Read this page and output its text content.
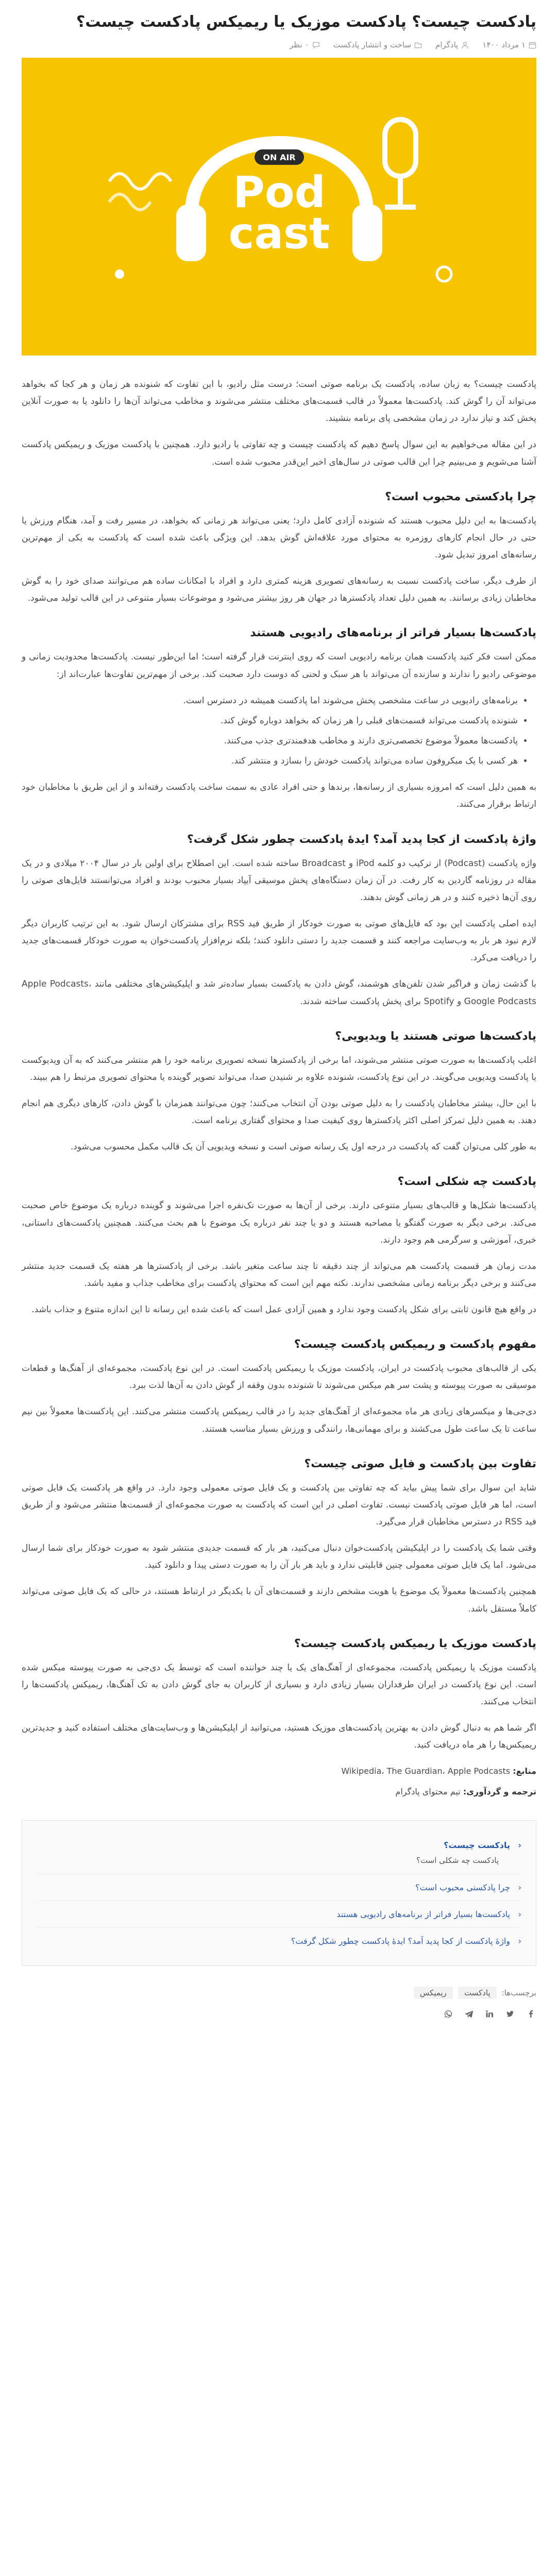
پادکست چیست؟ پادکست موزیک یا ریمیکس پادکست چیست؟
۱ مرداد ۱۴۰۰
پادگرام
ساخت و انتشار پادکست
۰ نظر
ON AIR
Pod
cast

پادکست چیست؟ به زبان ساده، پادکست یک برنامه صوتی است؛ درست مثل رادیو، با این تفاوت که شنونده هر زمان و هر کجا که بخواهد می‌تواند آن را گوش کند. پادکست‌ها معمولاً در قالب قسمت‌های مختلف منتشر می‌شوند و مخاطب می‌تواند آن‌ها را دانلود یا به صورت آنلاین پخش کند و نیاز ندارد در زمان مشخصی پای برنامه بنشیند.

در این مقاله می‌خواهیم به این سوال پاسخ دهیم که پادکست چیست و چه تفاوتی با رادیو دارد. همچنین با پادکست موزیک و ریمیکس پادکست آشنا می‌شویم و می‌بینیم چرا این قالب صوتی در سال‌های اخیر این‌قدر محبوب شده است.

چرا پادکستی محبوب است؟

پادکست‌ها به این دلیل محبوب هستند که شنونده آزادی کامل دارد؛ یعنی می‌تواند هر زمانی که بخواهد، در مسیر رفت و آمد، هنگام ورزش یا حتی در حال انجام کارهای روزمره به محتوای مورد علاقه‌اش گوش بدهد. این ویژگی باعث شده است که پادکست به یکی از مهم‌ترین رسانه‌های امروز تبدیل شود.

از طرف دیگر، ساخت پادکست نسبت به رسانه‌های تصویری هزینه کمتری دارد و افراد با امکانات ساده هم می‌توانند صدای خود را به گوش مخاطبان زیادی برسانند. به همین دلیل تعداد پادکسترها در جهان هر روز بیشتر می‌شود و موضوعات بسیار متنوعی در این قالب تولید می‌شود.

پادکست‌ها بسیار فراتر از برنامه‌های رادیویی هستند

ممکن است فکر کنید پادکست همان برنامه رادیویی است که روی اینترنت قرار گرفته است؛ اما این‌طور نیست. پادکست‌ها محدودیت زمانی و موضوعی رادیو را ندارند و سازنده آن می‌تواند با هر سبک و لحنی که دوست دارد صحبت کند. برخی از مهم‌ترین تفاوت‌ها عبارت‌اند از:

• برنامه‌های رادیویی در ساعت مشخصی پخش می‌شوند اما پادکست همیشه در دسترس است.
• شنونده پادکست می‌تواند قسمت‌های قبلی را هر زمان که بخواهد دوباره گوش کند.
• پادکست‌ها معمولاً موضوع تخصصی‌تری دارند و مخاطب هدفمندتری جذب می‌کنند.
• هر کسی با یک میکروفون ساده می‌تواند پادکست خودش را بسازد و منتشر کند.

به همین دلیل است که امروزه بسیاری از رسانه‌ها، برندها و حتی افراد عادی به سمت ساخت پادکست رفته‌اند و از این طریق با مخاطبان خود ارتباط برقرار می‌کنند.

واژهٔ پادکست از کجا پدید آمد؟ ایدهٔ پادکست چطور شکل گرفت؟

واژه پادکست (Podcast) از ترکیب دو کلمه iPod و Broadcast ساخته شده است. این اصطلاح برای اولین بار در سال ۲۰۰۴ میلادی و در یک مقاله در روزنامه گاردین به کار رفت. در آن زمان دستگاه‌های پخش موسیقی آیپاد بسیار محبوب بودند و افراد می‌توانستند فایل‌های صوتی را روی آن‌ها ذخیره کنند و در هر زمانی گوش بدهند.

ایده اصلی پادکست این بود که فایل‌های صوتی به صورت خودکار از طریق فید RSS برای مشترکان ارسال شود. به این ترتیب کاربران دیگر لازم نبود هر بار به وب‌سایت مراجعه کنند و قسمت جدید را دستی دانلود کنند؛ بلکه نرم‌افزار پادکست‌خوان به صورت خودکار قسمت‌های جدید را دریافت می‌کرد.

با گذشت زمان و فراگیر شدن تلفن‌های هوشمند، گوش دادن به پادکست بسیار ساده‌تر شد و اپلیکیشن‌های مختلفی مانند Apple Podcasts، Google Podcasts و Spotify برای پخش پادکست ساخته شدند.

پادکست‌ها صوتی هستند یا ویدیویی؟

اغلب پادکست‌ها به صورت صوتی منتشر می‌شوند، اما برخی از پادکسترها نسخه تصویری برنامه خود را هم منتشر می‌کنند که به آن ویدیوکست یا پادکست ویدیویی می‌گویند. در این نوع پادکست، شنونده علاوه بر شنیدن صدا، می‌تواند تصویر گوینده یا محتوای تصویری مرتبط را هم ببیند.

با این حال، بیشتر مخاطبان پادکست را به دلیل صوتی بودن آن انتخاب می‌کنند؛ چون می‌توانند همزمان با گوش دادن، کارهای دیگری هم انجام دهند. به همین دلیل تمرکز اصلی اکثر پادکسترها روی کیفیت صدا و محتوای گفتاری برنامه است.

به طور کلی می‌توان گفت که پادکست در درجه اول یک رسانه صوتی است و نسخه ویدیویی آن یک قالب مکمل محسوب می‌شود.

پادکست چه شکلی است؟

پادکست‌ها شکل‌ها و قالب‌های بسیار متنوعی دارند. برخی از آن‌ها به صورت تک‌نفره اجرا می‌شوند و گوینده درباره یک موضوع خاص صحبت می‌کند. برخی دیگر به صورت گفتگو یا مصاحبه هستند و دو یا چند نفر درباره یک موضوع با هم بحث می‌کنند. همچنین پادکست‌های داستانی، خبری، آموزشی و سرگرمی هم وجود دارند.

مدت زمان هر قسمت پادکست هم می‌تواند از چند دقیقه تا چند ساعت متغیر باشد. برخی از پادکسترها هر هفته یک قسمت جدید منتشر می‌کنند و برخی دیگر برنامه زمانی مشخصی ندارند. نکته مهم این است که محتوای پادکست برای مخاطب جذاب و مفید باشد.

در واقع هیچ قانون ثابتی برای شکل پادکست وجود ندارد و همین آزادی عمل است که باعث شده این رسانه تا این اندازه متنوع و جذاب باشد.

مفهوم پادکست و ریمیکس پادکست چیست؟

یکی از قالب‌های محبوب پادکست در ایران، پادکست موزیک یا ریمیکس پادکست است. در این نوع پادکست، مجموعه‌ای از آهنگ‌ها و قطعات موسیقی به صورت پیوسته و پشت سر هم میکس می‌شوند تا شنونده بدون وقفه از گوش دادن به آن‌ها لذت ببرد.

دی‌جی‌ها و میکسرهای زیادی هر ماه مجموعه‌ای از آهنگ‌های جدید را در قالب ریمیکس پادکست منتشر می‌کنند. این پادکست‌ها معمولاً بین نیم ساعت تا یک ساعت طول می‌کشند و برای مهمانی‌ها، رانندگی و ورزش بسیار مناسب هستند.

تفاوت بین پادکست و فایل صوتی چیست؟

شاید این سوال برای شما پیش بیاید که چه تفاوتی بین پادکست و یک فایل صوتی معمولی وجود دارد. در واقع هر پادکست یک فایل صوتی است، اما هر فایل صوتی پادکست نیست. تفاوت اصلی در این است که پادکست به صورت مجموعه‌ای از قسمت‌ها منتشر می‌شود و از طریق فید RSS در دسترس مخاطبان قرار می‌گیرد.

وقتی شما یک پادکست را در اپلیکیشن پادکست‌خوان دنبال می‌کنید، هر بار که قسمت جدیدی منتشر شود به صورت خودکار برای شما ارسال می‌شود. اما یک فایل صوتی معمولی چنین قابلیتی ندارد و باید هر بار آن را به صورت دستی پیدا و دانلود کنید.

همچنین پادکست‌ها معمولاً یک موضوع یا هویت مشخص دارند و قسمت‌های آن با یکدیگر در ارتباط هستند، در حالی که یک فایل صوتی می‌تواند کاملاً مستقل باشد.

پادکست موزیک یا ریمیکس پادکست چیست؟

پادکست موزیک یا ریمیکس پادکست، مجموعه‌ای از آهنگ‌های یک یا چند خواننده است که توسط یک دی‌جی به صورت پیوسته میکس شده است. این نوع پادکست در ایران طرفداران بسیار زیادی دارد و بسیاری از کاربران به جای گوش دادن به تک آهنگ‌ها، ریمیکس پادکست‌ها را انتخاب می‌کنند.

اگر شما هم به دنبال گوش دادن به بهترین پادکست‌های موزیک هستید، می‌توانید از اپلیکیشن‌ها و وب‌سایت‌های مختلف استفاده کنید و جدیدترین ریمیکس‌ها را هر ماه دریافت کنید.

منابع: Wikipedia، The Guardian، Apple Podcasts
ترجمه و گردآوری: تیم محتوای پادگرام
‹
پادکست چیست؟
پادکست چه شکلی است؟
‹
چرا پادکستی محبوب است؟
‹
پادکست‌ها بسیار فراتر از برنامه‌های رادیویی هستند
‹
واژهٔ پادکست از کجا پدید آمد؟ ایدهٔ پادکست چطور شکل گرفت؟
برچسب‌ها:
پادکست
ریمیکس
